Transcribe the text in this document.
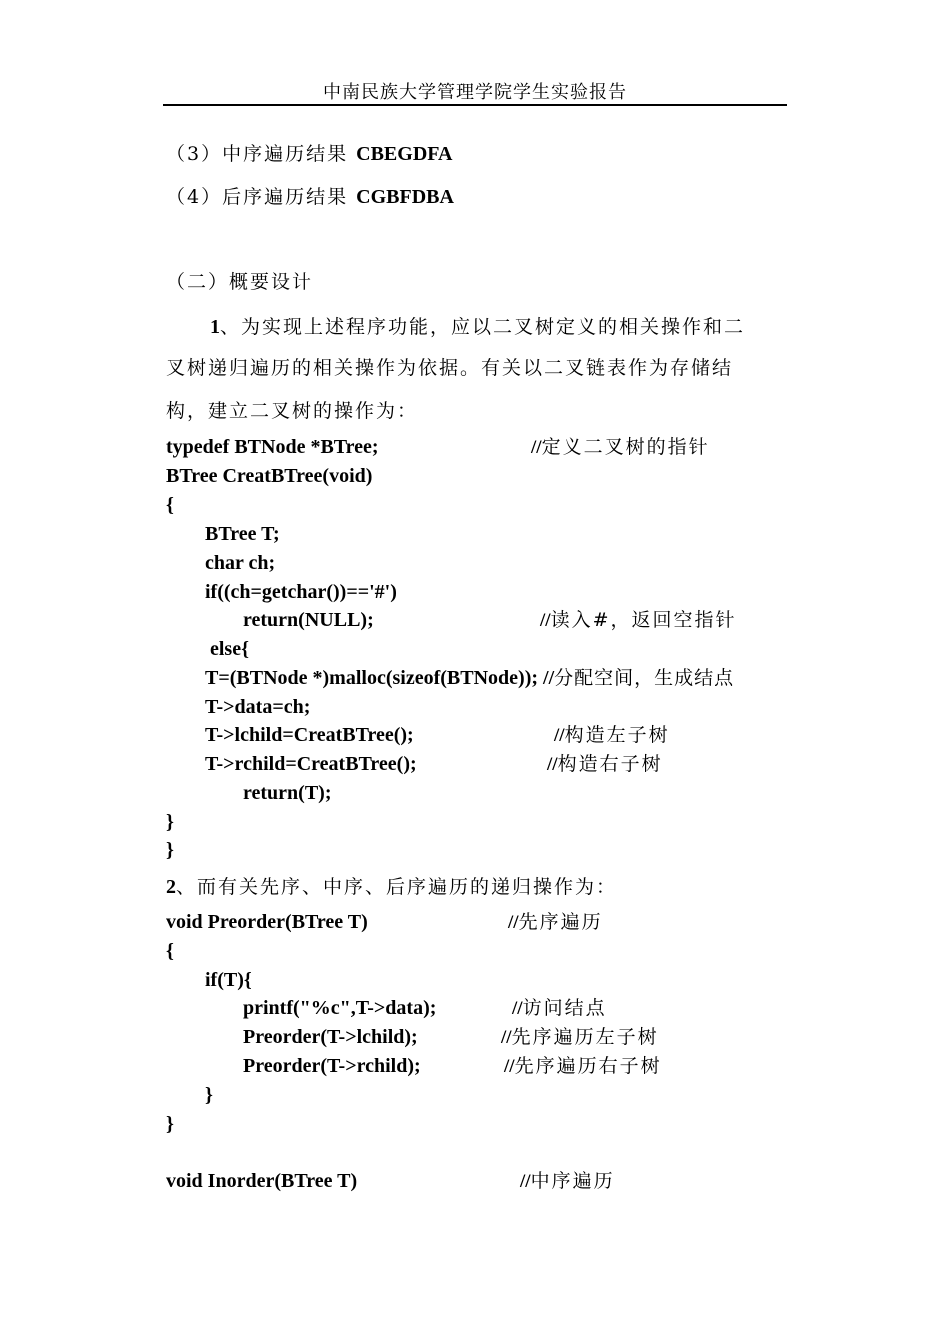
中南民族大学管理学院学生实验报告
（3）中序遍历结果 CBEGDFA
（4）后序遍历结果 CGBFDBA
（二）概要设计
1、为实现上述程序功能，应以二叉树定义的相关操作和二
叉树递归遍历的相关操作为依据。有关以二叉链表作为存储结
构，建立二叉树的操作为：
typedef BTNode *BTree;	//定义二叉树的指针
BTree CreatBTree(void)
{
BTree T;
char ch;
if((ch=getchar())=='#')
return(NULL);	//读入#，返回空指针
else{
T=(BTNode *)malloc(sizeof(BTNode)); //分配空间，生成结点
T->data=ch;
T->lchild=CreatBTree();	//构造左子树
T->rchild=CreatBTree();	//构造右子树
return(T);
}
}
2、而有关先序、中序、后序遍历的递归操作为：
void Preorder(BTree T)	//先序遍历
{
if(T){
printf("%c",T->data);	//访问结点
Preorder(T->lchild);	//先序遍历左子树
Preorder(T->rchild);	//先序遍历右子树
}
}
void Inorder(BTree T)	//中序遍历
